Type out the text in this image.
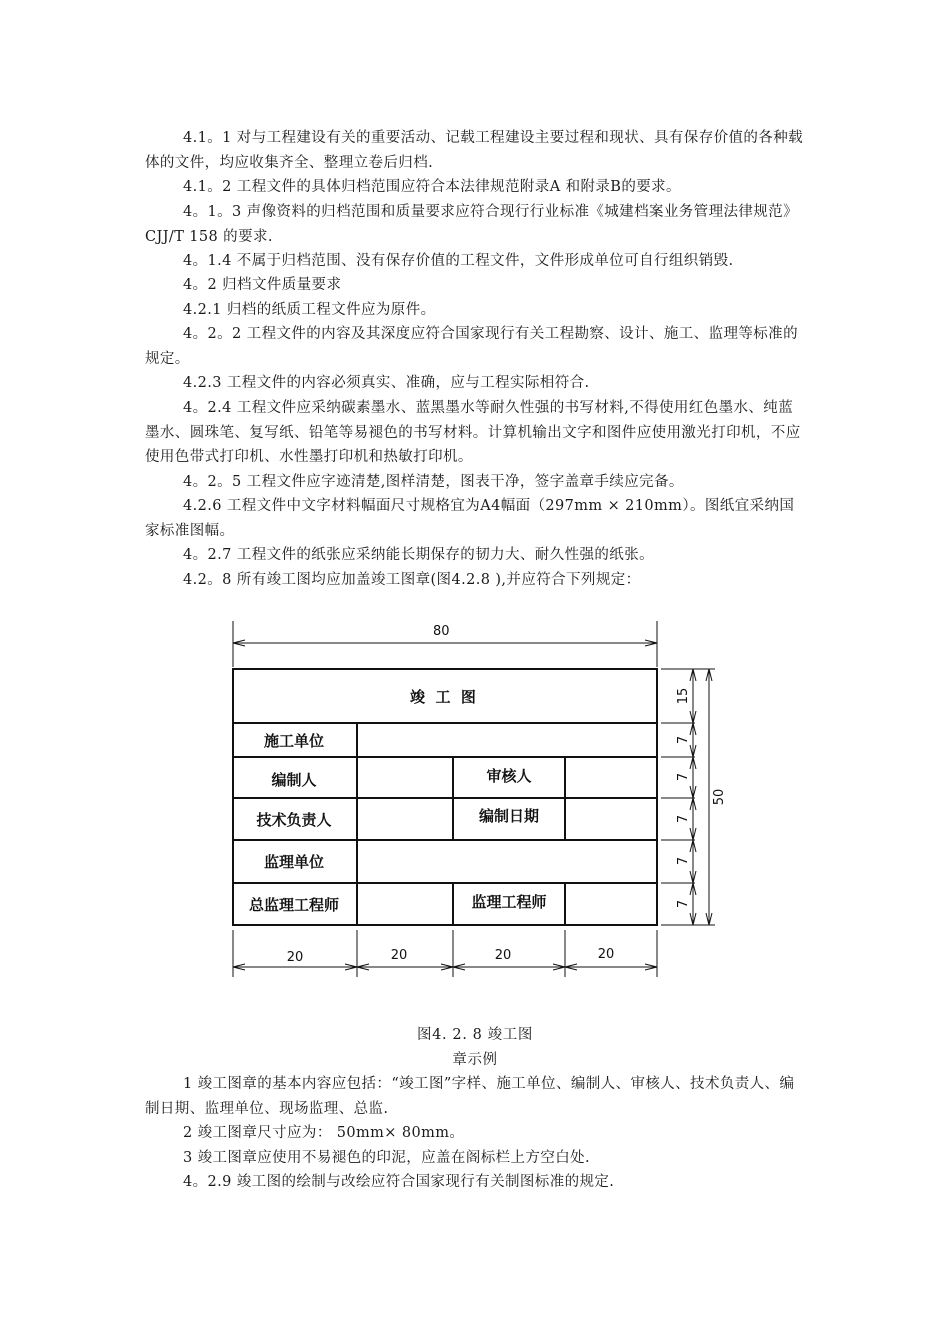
4.1。1 对与工程建设有关的重要活动、记载工程建设主要过程和现状、具有保存价值的各种载体的文件，均应收集齐全、整理立卷后归档.

4.1。2 工程文件的具体归档范围应符合本法律规范附录A 和附录B的要求。

4。1。3 声像资料的归档范围和质量要求应符合现行行业标准《城建档案业务管理法律规范》CJJ/T 158 的要求.

4。1.4 不属于归档范围、没有保存价值的工程文件，文件形成单位可自行组织销毁.

4。2 归档文件质量要求

4.2.1 归档的纸质工程文件应为原件。

4。2。2 工程文件的内容及其深度应符合国家现行有关工程勘察、设计、施工、监理等标准的规定。

4.2.3 工程文件的内容必须真实、准确，应与工程实际相符合.

4。2.4 工程文件应采纳碳素墨水、蓝黑墨水等耐久性强的书写材料,不得使用红色墨水、纯蓝墨水、圆珠笔、复写纸、铅笔等易褪色的书写材料。计算机输出文字和图件应使用激光打印机，不应使用色带式打印机、水性墨打印机和热敏打印机。

4。2。5 工程文件应字迹清楚,图样清楚，图表干净，签字盖章手续应完备。

4.2.6 工程文件中文字材料幅面尺寸规格宜为A4幅面（297mm × 210mm）。图纸宜采纳国家标准图幅。

4。2.7 工程文件的纸张应采纳能长期保存的韧力大、耐久性强的纸张。

4.2。8 所有竣工图均应加盖竣工图章(图4.2.8 ),并应符合下列规定：

80
竣  工  图
施工单位
编制人	审核人
技术负责人	编制日期
监理单位
总监理工程师	监理工程师
15
7
7
7
7
7
50
20	20	20	20

图4. 2. 8 竣工图

章示例

1 竣工图章的基本内容应包括：“竣工图”字样、施工单位、编制人、审核人、技术负责人、编制日期、监理单位、现场监理、总监.

2 竣工图章尺寸应为： 50mm× 80mm。

3 竣工图章应使用不易褪色的印泥，应盖在阁标栏上方空白处.

4。2.9 竣工图的绘制与改绘应符合国家现行有关制图标准的规定.
